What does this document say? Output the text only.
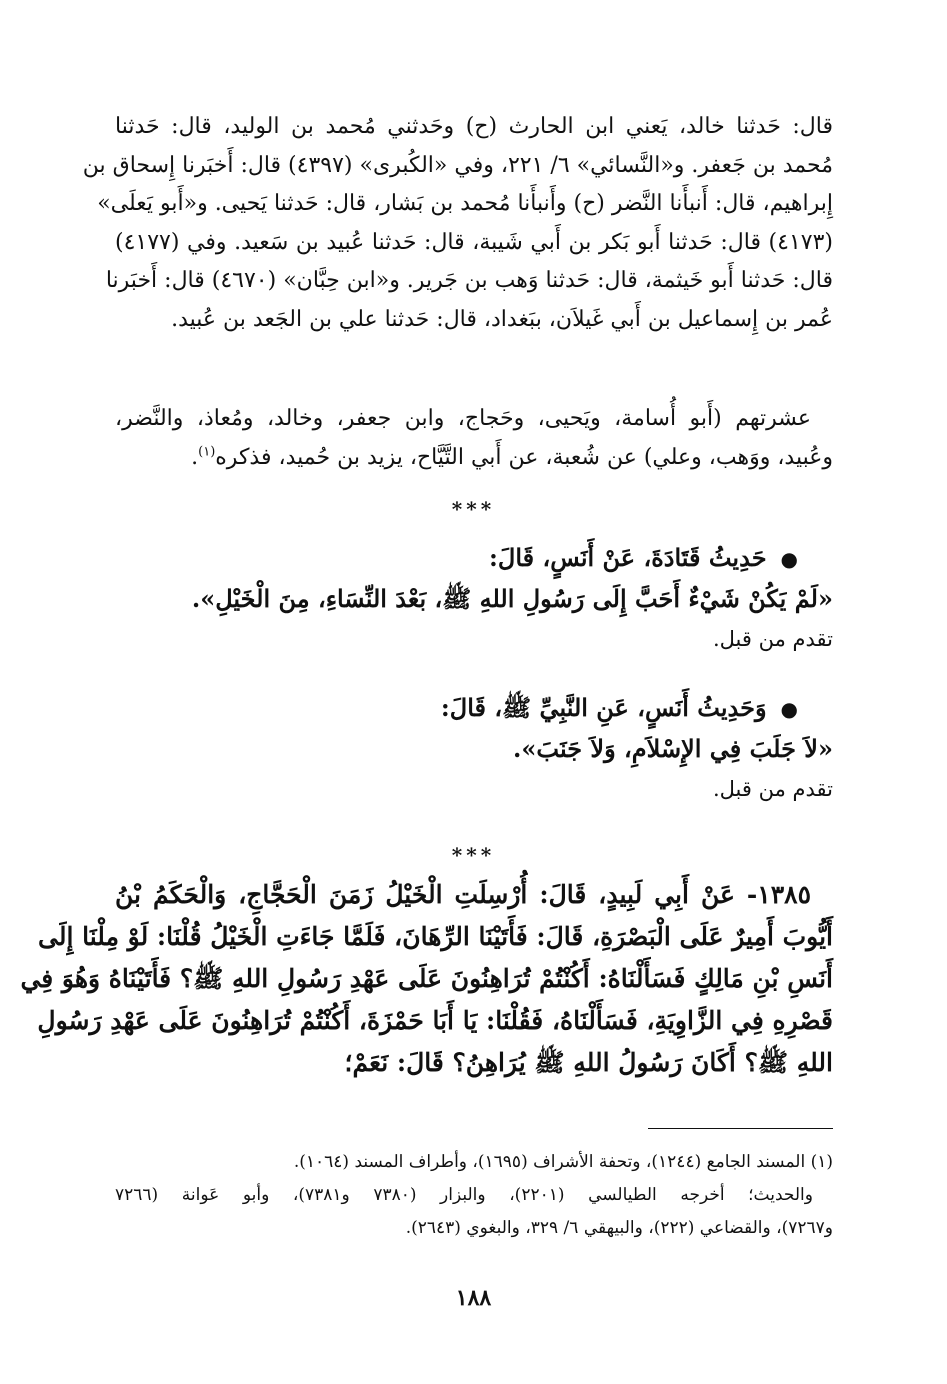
قال: حَدثنا خالد، يَعني ابن الحارث (ح) وحَدثني مُحمد بن الوليد، قال: حَدثنا
مُحمد بن جَعفر. و«النَّسائي» ٦/ ٢٢١، وفي «الكُبرى» (٤٣٩٧) قال: أَخبَرنا إِسحاق بن
إِبراهيم، قال: أَنبأَنا النَّضر (ح) وأَنبأَنا مُحمد بن بَشار، قال: حَدثنا يَحيى. و«أَبو يَعلَى»
(٤١٧٣) قال: حَدثنا أَبو بَكر بن أَبي شَيبة، قال: حَدثنا عُبيد بن سَعيد. وفي (٤١٧٧)
قال: حَدثنا أَبو خَيثمة، قال: حَدثنا وَهب بن جَرير. و«ابن حِبَّان» (٤٦٧٠) قال: أَخبَرنا
عُمر بن إِسماعيل بن أَبي غَيلاَن، ببَغداد، قال: حَدثنا علي بن الجَعد بن عُبيد.
عشرتهم (أَبو أُسامة، ويَحيى، وحَجاج، وابن جعفر، وخالد، ومُعاذ، والنَّضر،
وعُبيد، ووَهب، وعلي) عن شُعبة، عن أَبي التَّيَّاح، يزيد بن حُميد، فذكره$^{(١)}$.
***
●حَدِيثُ قَتَادَةَ، عَنْ أَنَسٍ، قَالَ:
«لَمْ يَكُنْ شَيْءٌ أَحَبَّ إِلَى رَسُولِ اللهِ ﷺ، بَعْدَ النِّسَاءِ، مِنَ الْخَيْلِ».
تقدم من قبل.
●وَحَدِيثُ أَنَسٍ، عَنِ النَّبِيِّ ﷺ، قَالَ:
«لاَ جَلَبَ فِي الإِسْلاَمِ، وَلاَ جَنَبَ».
تقدم من قبل.
***
١٣٨٥- عَنْ أَبِي لَبِيدٍ، قَالَ: أُرْسِلَتِ الْخَيْلُ زَمَنَ الْحَجَّاجِ، وَالْحَكَمُ بْنُ
أَيُّوبَ أَمِيرٌ عَلَى الْبَصْرَةِ، قَالَ: فَأَتَيْنَا الرِّهَانَ، فَلَمَّا جَاءَتِ الْخَيْلُ قُلْنَا: لَوْ مِلْنَا إِلَى
أَنَسِ بْنِ مَالِكٍ فَسَأَلْنَاهُ: أَكُنْتُمْ تُرَاهِنُونَ عَلَى عَهْدِ رَسُولِ اللهِ ﷺ؟ فَأَتَيْنَاهُ وَهُوَ فِي
قَصْرِهِ فِي الزَّاوِيَةِ، فَسَأَلْنَاهُ، فَقُلْنَا: يَا أَبَا حَمْزَةَ، أَكُنْتُمْ تُرَاهِنُونَ عَلَى عَهْدِ رَسُولِ
اللهِ ﷺ؟ أَكَانَ رَسُولُ اللهِ ﷺ يُرَاهِنُ؟ قَالَ: نَعَمْ؛
(١) المسند الجامع (١٢٤٤)، وتحفة الأشراف (١٦٩٥)، وأطراف المسند (١٠٦٤).
والحديث؛ أخرجه الطيالسي (٢٢٠١)، والبزار (٧٣٨٠ و٧٣٨١)، وأبو عَوانة (٧٢٦٦
و٧٢٦٧)، والقضاعي (٢٢٢)، والبيهقي ٦/ ٣٢٩، والبغوي (٢٦٤٣).
١٨٨
